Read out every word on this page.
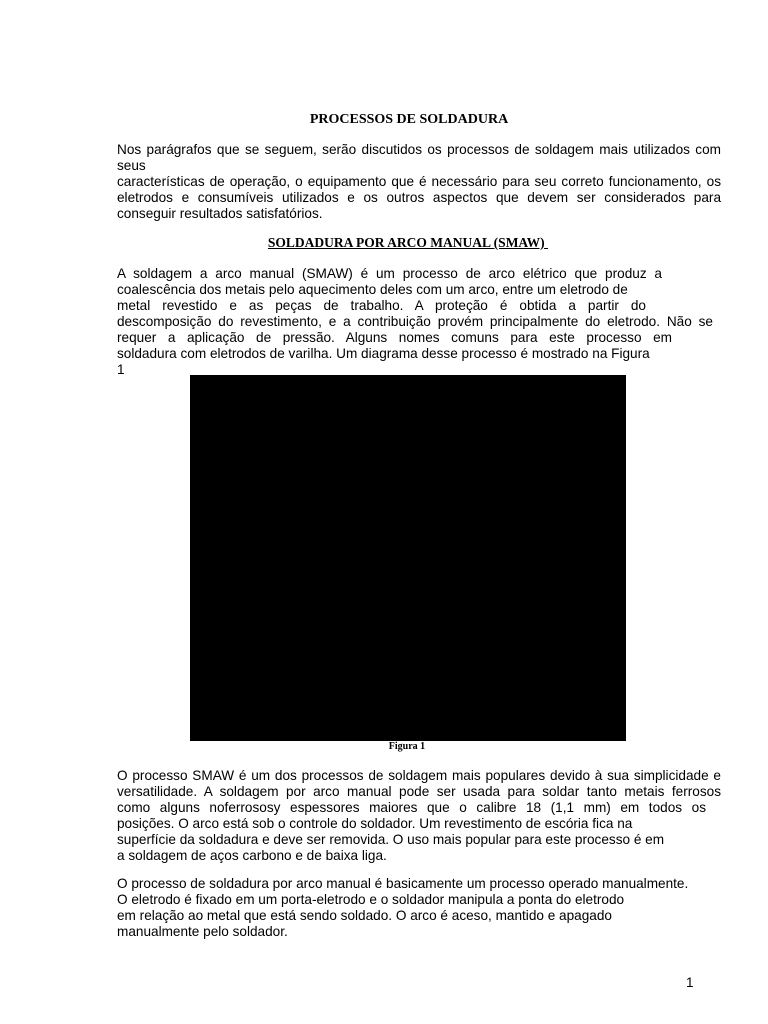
PROCESSOS DE SOLDADURA

Nos parágrafos que se seguem, serão discutidos os processos de soldagem mais utilizados com seus
características de operação, o equipamento que é necessário para seu correto funcionamento, os
eletrodos e consumíveis utilizados e os outros aspectos que devem ser considerados para
conseguir resultados satisfatórios.

SOLDADURA POR ARCO MANUAL (SMAW)

A soldagem a arco manual (SMAW) é um processo de arco elétrico que produz a
coalescência dos metais pelo aquecimento deles com um arco, entre um eletrodo de
metal revestido e as peças de trabalho. A proteção é obtida a partir do
descomposição do revestimento, e a contribuição provém principalmente do eletrodo. Não se
requer a aplicação de pressão. Alguns nomes comuns para este processo em
soldadura com eletrodos de varilha. Um diagrama desse processo é mostrado na Figura
1

Figura 1

O processo SMAW é um dos processos de soldagem mais populares devido à sua simplicidade e
versatilidade. A soldagem por arco manual pode ser usada para soldar tanto metais ferrosos
como alguns noferrososy espessores maiores que o calibre 18 (1,1 mm) em todos os
posições. O arco está sob o controle do soldador. Um revestimento de escória fica na
superfície da soldadura e deve ser removida. O uso mais popular para este processo é em
a soldagem de aços carbono e de baixa liga.

O processo de soldadura por arco manual é basicamente um processo operado manualmente.
O eletrodo é fixado em um porta-eletrodo e o soldador manipula a ponta do eletrodo
em relação ao metal que está sendo soldado. O arco é aceso, mantido e apagado
manualmente pelo soldador.

1
